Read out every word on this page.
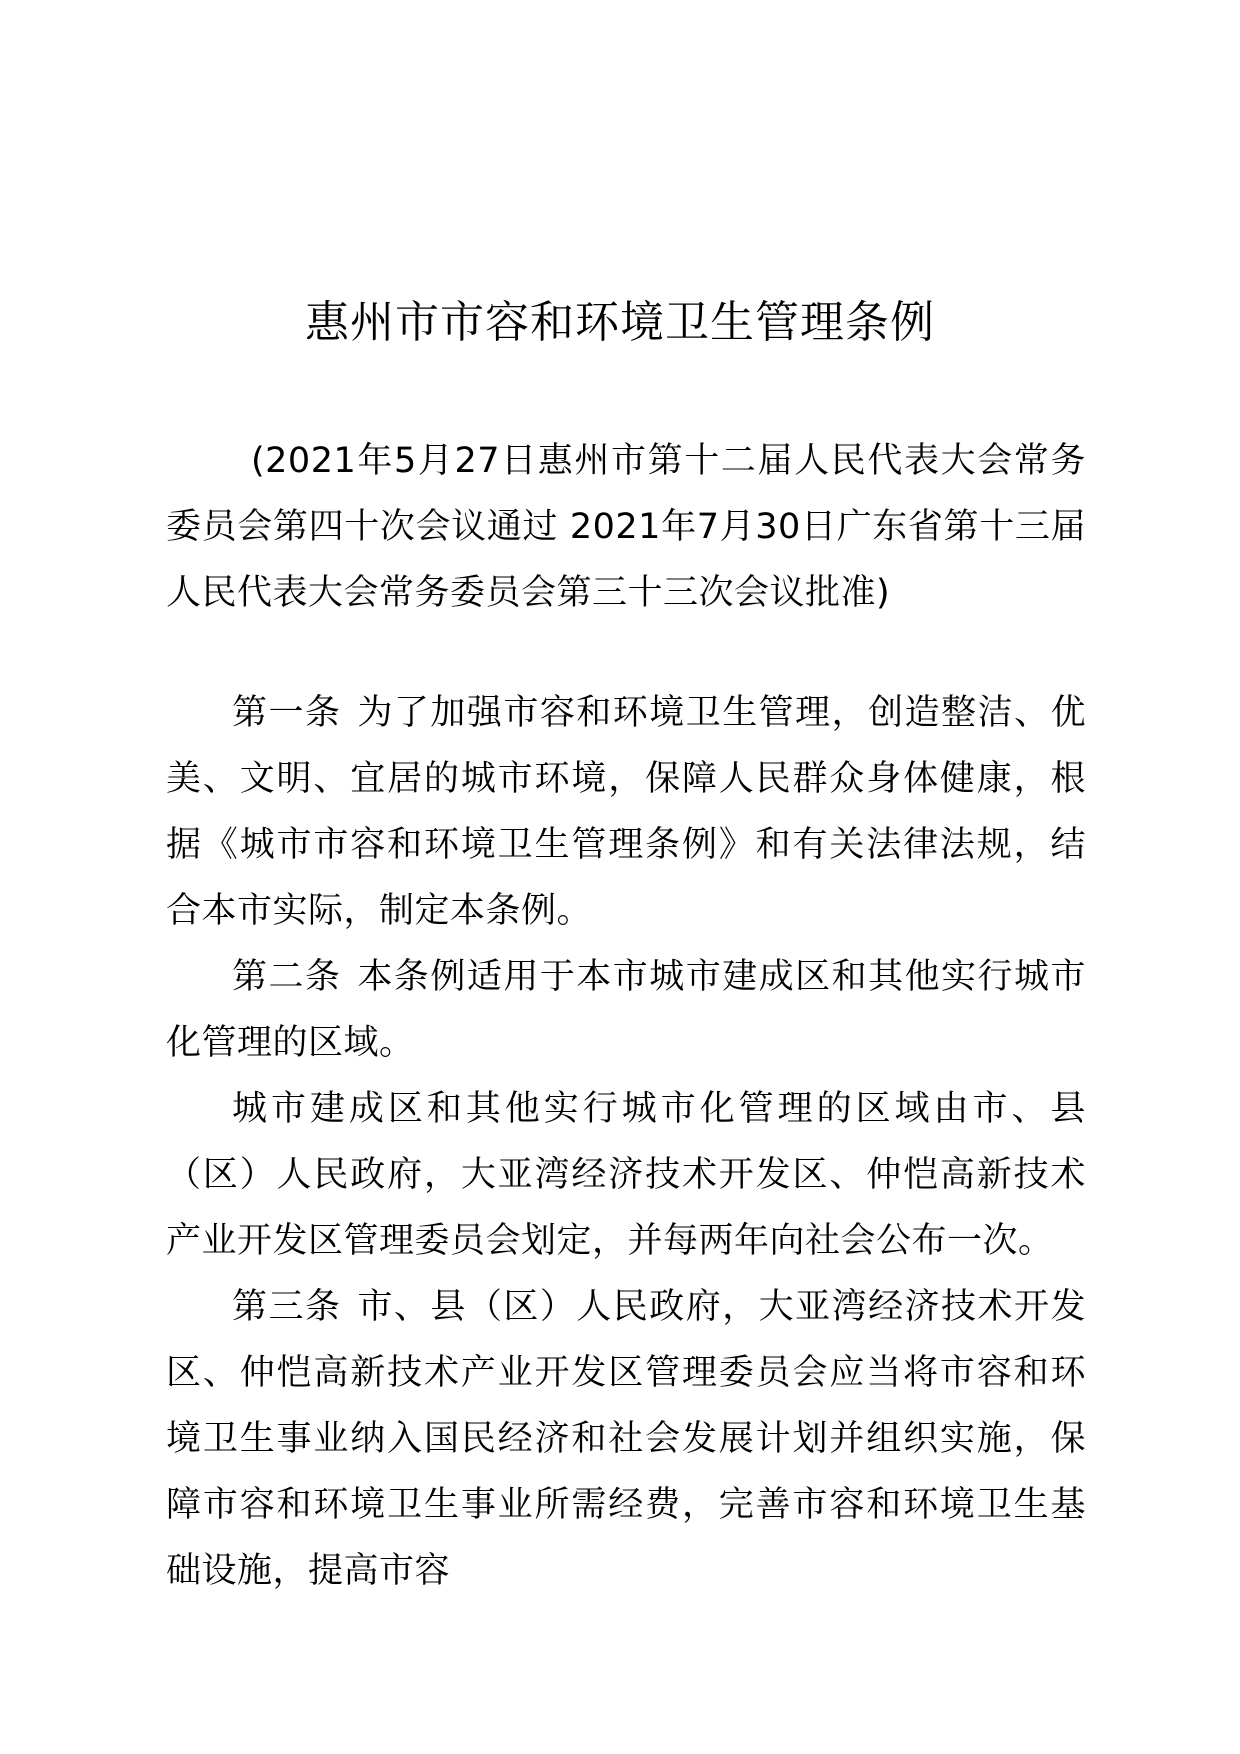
惠州市市容和环境卫生管理条例
(2021年5月27日惠州市第十二届人民代表大会常务委员会第四十次会议通过 2021年7月30日广东省第十三届人民代表大会常务委员会第三十三次会议批准)

第一条 为了加强市容和环境卫生管理，创造整洁、优美、文明、宜居的城市环境，保障人民群众身体健康，根据《城市市容和环境卫生管理条例》和有关法律法规，结合本市实际，制定本条例。

第二条 本条例适用于本市城市建成区和其他实行城市化管理的区域。

城市建成区和其他实行城市化管理的区域由市、县（区）人民政府，大亚湾经济技术开发区、仲恺高新技术产业开发区管理委员会划定，并每两年向社会公布一次。

第三条 市、县（区）人民政府，大亚湾经济技术开发区、仲恺高新技术产业开发区管理委员会应当将市容和环境卫生事业纳入国民经济和社会发展计划并组织实施，保障市容和环境卫生事业所需经费，完善市容和环境卫生基础设施，提高市容
